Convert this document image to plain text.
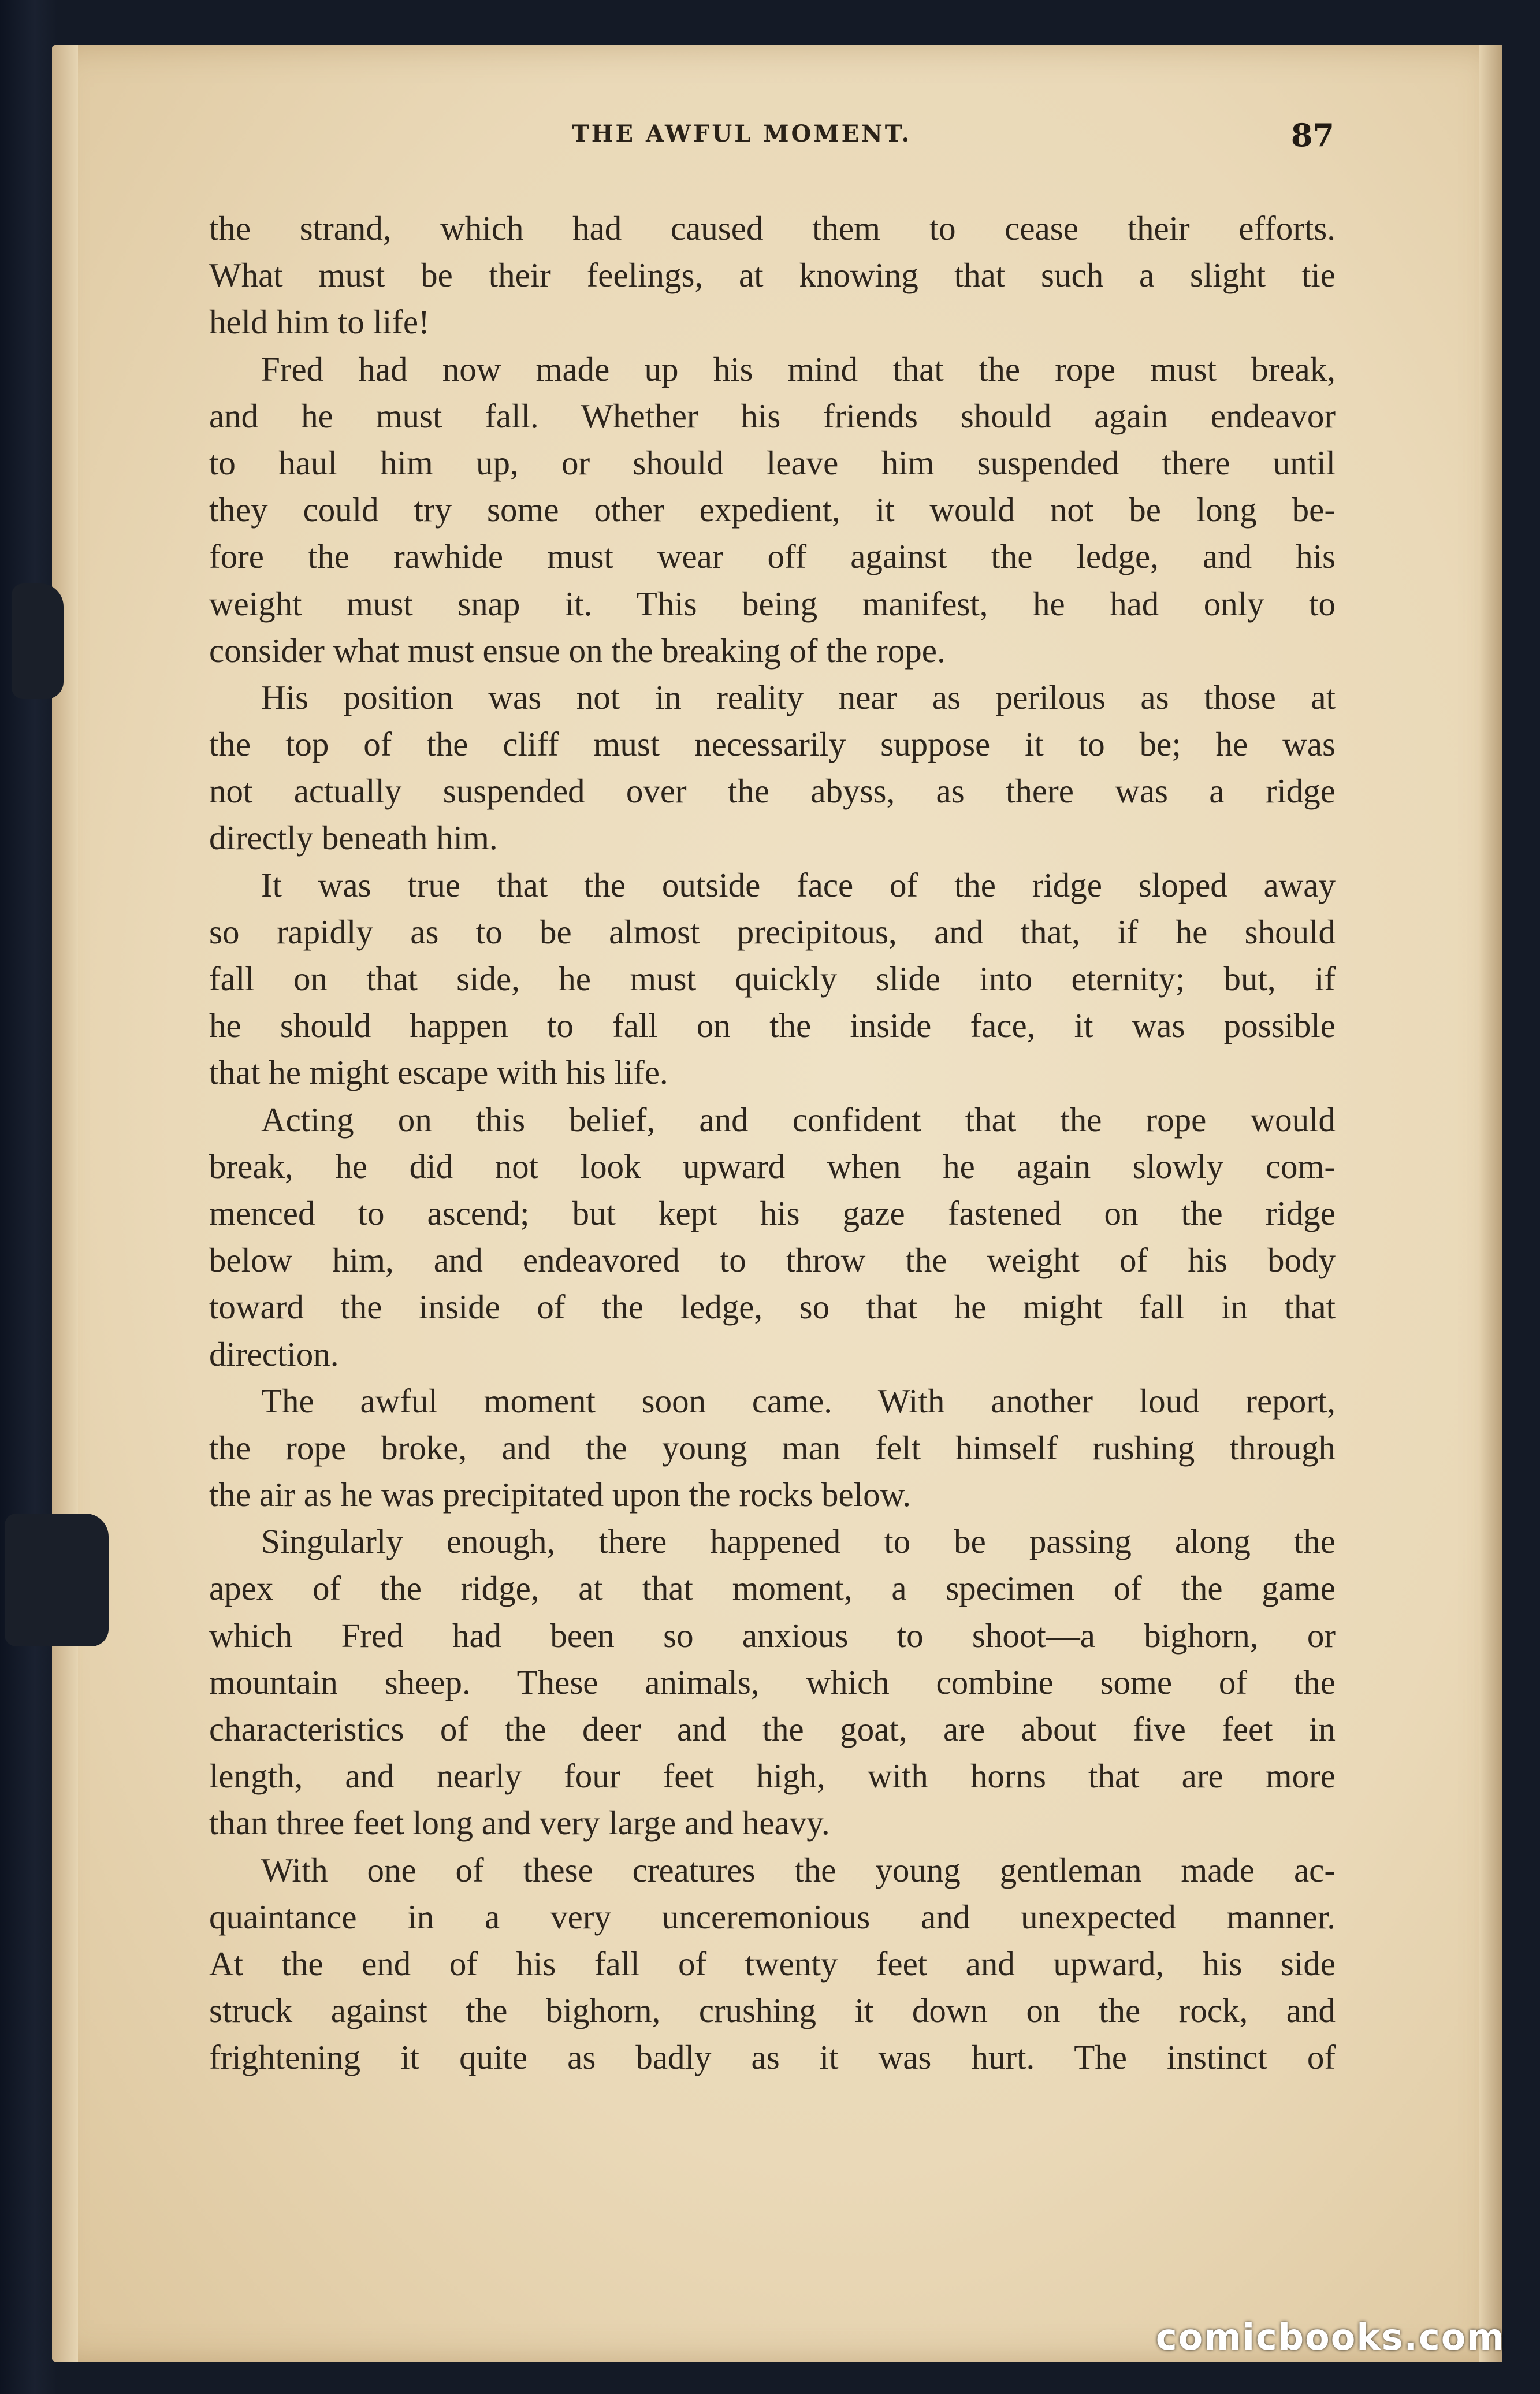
THE AWFUL MOMENT.	87
the strand, which had caused them to cease their efforts.
What must be their feelings, at knowing that such a slight tie
held him to life!
Fred had now made up his mind that the rope must break,
and he must fall. Whether his friends should again endeavor
to haul him up, or should leave him suspended there until
they could try some other expedient, it would not be long be-
fore the rawhide must wear off against the ledge, and his
weight must snap it. This being manifest, he had only to
consider what must ensue on the breaking of the rope.
His position was not in reality near as perilous as those at
the top of the cliff must necessarily suppose it to be; he was
not actually suspended over the abyss, as there was a ridge
directly beneath him.
It was true that the outside face of the ridge sloped away
so rapidly as to be almost precipitous, and that, if he should
fall on that side, he must quickly slide into eternity; but, if
he should happen to fall on the inside face, it was possible
that he might escape with his life.
Acting on this belief, and confident that the rope would
break, he did not look upward when he again slowly com-
menced to ascend; but kept his gaze fastened on the ridge
below him, and endeavored to throw the weight of his body
toward the inside of the ledge, so that he might fall in that
direction.
The awful moment soon came. With another loud report,
the rope broke, and the young man felt himself rushing through
the air as he was precipitated upon the rocks below.
Singularly enough, there happened to be passing along the
apex of the ridge, at that moment, a specimen of the game
which Fred had been so anxious to shoot—a bighorn, or
mountain sheep. These animals, which combine some of the
characteristics of the deer and the goat, are about five feet in
length, and nearly four feet high, with horns that are more
than three feet long and very large and heavy.
With one of these creatures the young gentleman made ac-
quaintance in a very unceremonious and unexpected manner.
At the end of his fall of twenty feet and upward, his side
struck against the bighorn, crushing it down on the rock, and
frightening it quite as badly as it was hurt. The instinct of
comicbooks.com
